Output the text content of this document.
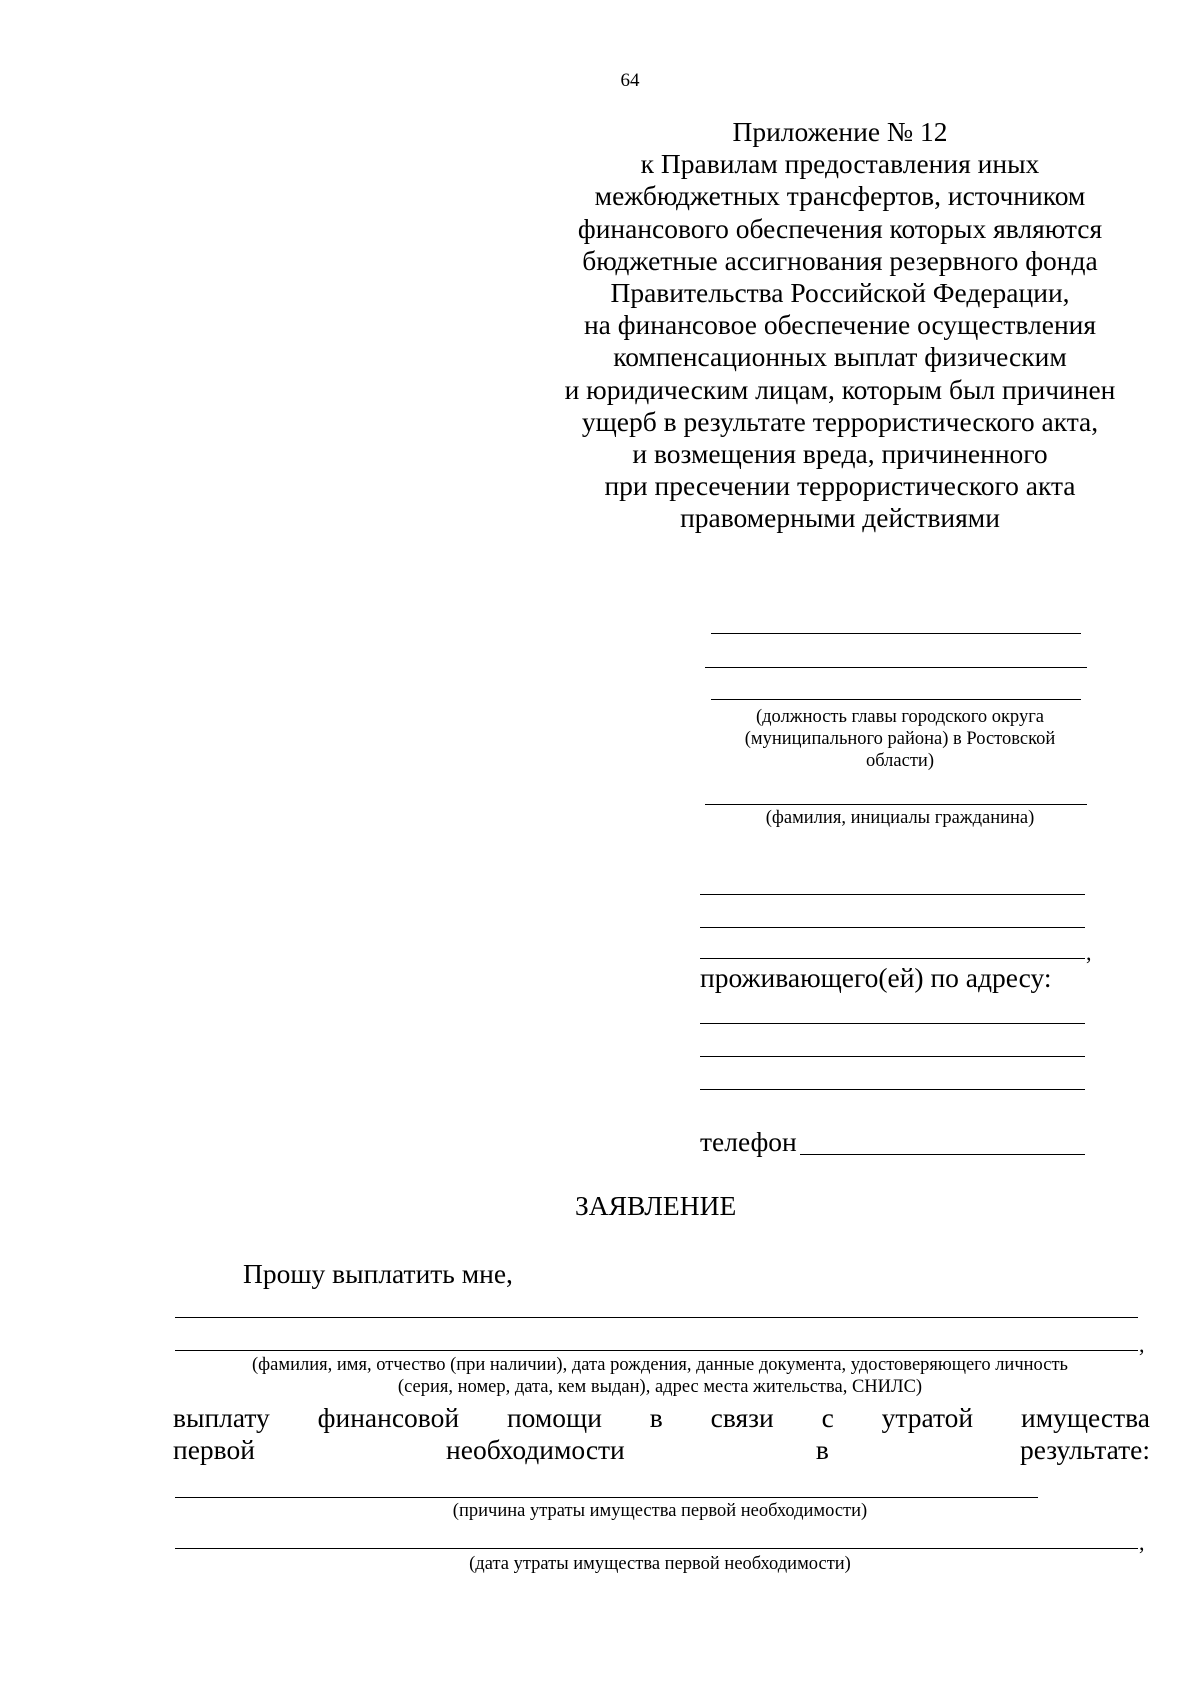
64
Приложение № 12
к Правилам предоставления иных
межбюджетных трансфертов, источником
финансового обеспечения которых являются
бюджетные ассигнования резервного фонда
Правительства Российской Федерации,
на финансовое обеспечение осуществления
компенсационных выплат физическим
и юридическим лицам, которым был причинен
ущерб в результате террористического акта,
и возмещения вреда, причиненного
при пресечении террористического акта
правомерными действиями
(должность главы городского округа
(муниципального района) в Ростовской
области)
(фамилия, инициалы гражданина)
,
проживающего(ей) по адресу:
телефон
ЗАЯВЛЕНИЕ
Прошу выплатить мне,
,
(фамилия, имя, отчество (при наличии), дата рождения, данные документа, удостоверяющего личность
(серия, номер, дата, кем выдан), адрес места жительства, СНИЛС)
выплату финансовой помощи в связи с утратой имущества
первой	необходимости	в	результате:
(причина утраты имущества первой необходимости)
,
(дата утраты имущества первой необходимости)
